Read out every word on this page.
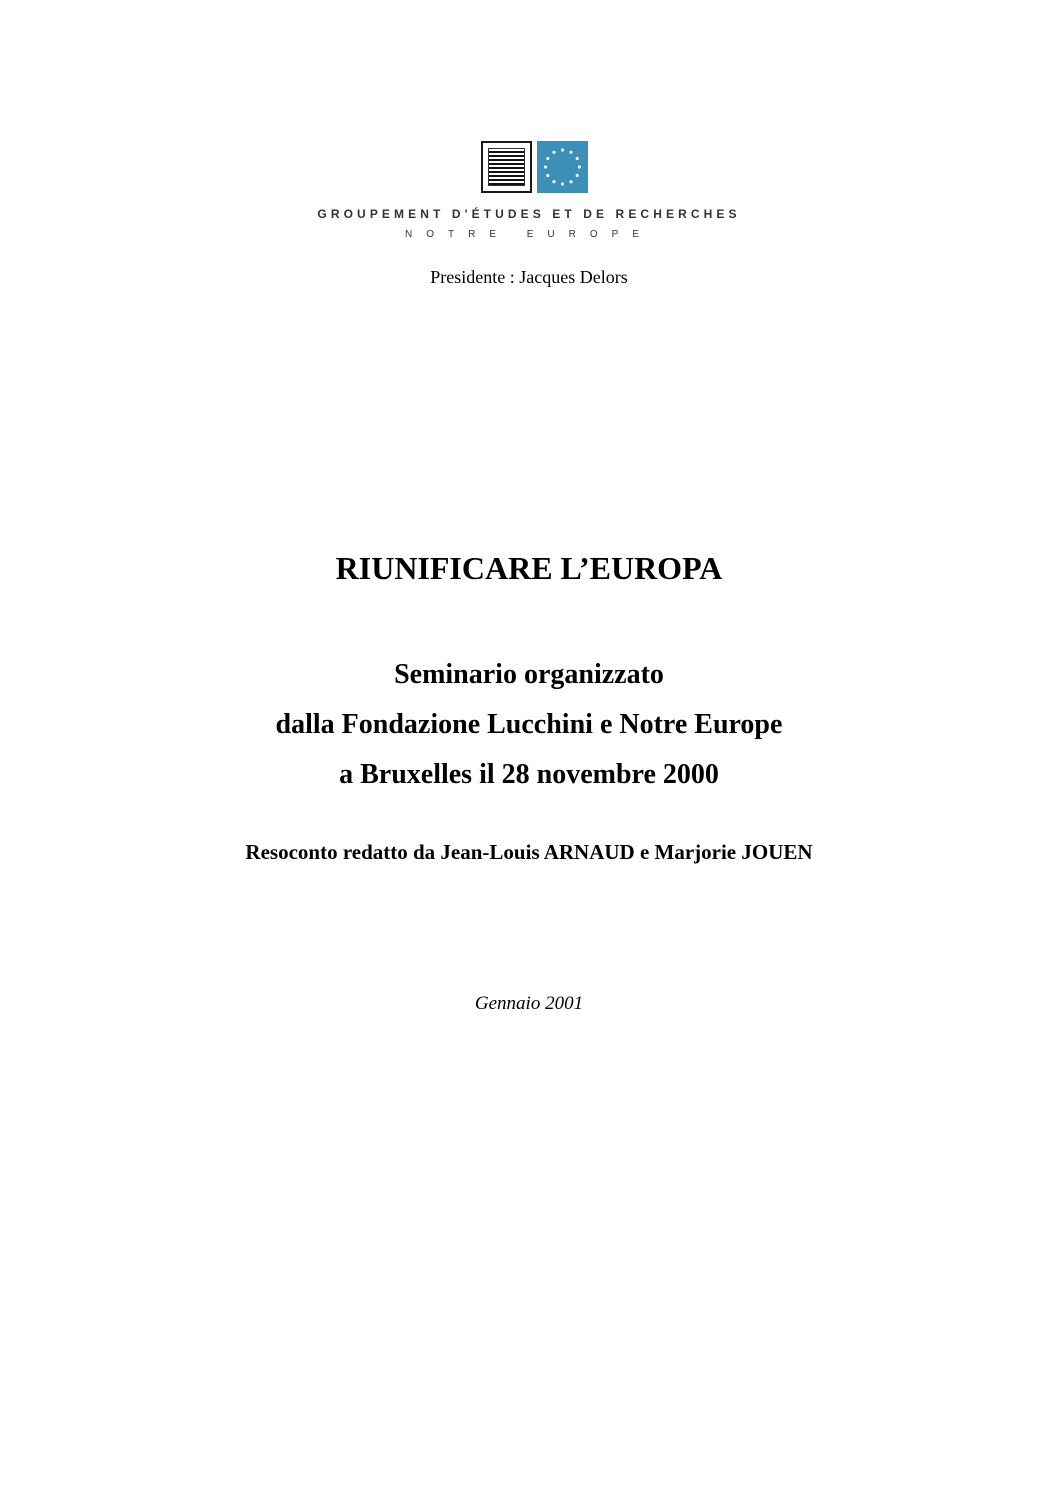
GROUPEMENT D'ÉTUDES ET DE RECHERCHES
NOTRE EUROPE
Presidente : Jacques Delors
RIUNIFICARE L’EUROPA
Seminario organizzato
dalla Fondazione Lucchini e Notre Europe
a Bruxelles il 28 novembre 2000
Resoconto redatto da Jean-Louis ARNAUD e Marjorie JOUEN
Gennaio 2001
